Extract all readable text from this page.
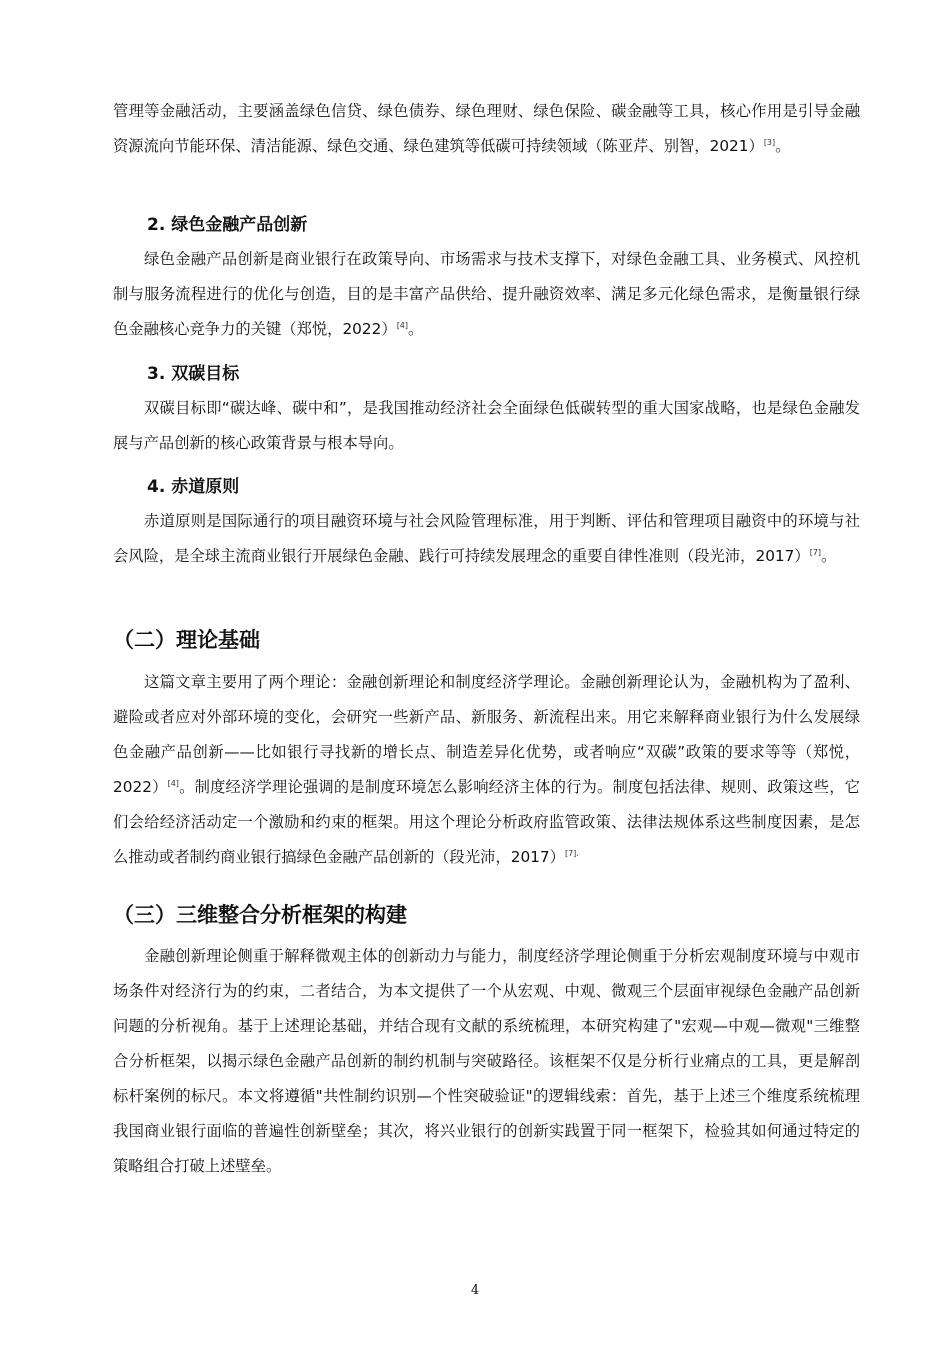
管理等金融活动，主要涵盖绿色信贷、绿色债券、绿色理财、绿色保险、碳金融等工具，核心作用是引导金融资源流向节能环保、清洁能源、绿色交通、绿色建筑等低碳可持续领域（陈亚芹、别智，2021）[3]。

2. 绿色金融产品创新

绿色金融产品创新是商业银行在政策导向、市场需求与技术支撑下，对绿色金融工具、业务模式、风控机制与服务流程进行的优化与创造，目的是丰富产品供给、提升融资效率、满足多元化绿色需求，是衡量银行绿色金融核心竞争力的关键（郑悦，2022）[4]。

3. 双碳目标

双碳目标即“碳达峰、碳中和”，是我国推动经济社会全面绿色低碳转型的重大国家战略，也是绿色金融发展与产品创新的核心政策背景与根本导向。

4. 赤道原则

赤道原则是国际通行的项目融资环境与社会风险管理标准，用于判断、评估和管理项目融资中的环境与社会风险，是全球主流商业银行开展绿色金融、践行可持续发展理念的重要自律性准则（段光沛，2017）[7]。

（二）理论基础

这篇文章主要用了两个理论：金融创新理论和制度经济学理论。金融创新理论认为，金融机构为了盈利、避险或者应对外部环境的变化，会研究一些新产品、新服务、新流程出来。用它来解释商业银行为什么发展绿色金融产品创新——比如银行寻找新的增长点、制造差异化优势，或者响应“双碳”政策的要求等等（郑悦，2022）[4]。制度经济学理论强调的是制度环境怎么影响经济主体的行为。制度包括法律、规则、政策这些，它们会给经济活动定一个激励和约束的框架。用这个理论分析政府监管政策、法律法规体系这些制度因素，是怎么推动或者制约商业银行搞绿色金融产品创新的（段光沛，2017）$^{[7].}$

（三）三维整合分析框架的构建

金融创新理论侧重于解释微观主体的创新动力与能力，制度经济学理论侧重于分析宏观制度环境与中观市场条件对经济行为的约束，二者结合，为本文提供了一个从宏观、中观、微观三个层面审视绿色金融产品创新问题的分析视角。基于上述理论基础，并结合现有文献的系统梳理，本研究构建了"宏观—中观—微观"三维整合分析框架，以揭示绿色金融产品创新的制约机制与突破路径。该框架不仅是分析行业痛点的工具，更是解剖标杆案例的标尺。本文将遵循"共性制约识别—个性突破验证"的逻辑线索：首先，基于上述三个维度系统梳理我国商业银行面临的普遍性创新壁垒；其次，将兴业银行的创新实践置于同一框架下，检验其如何通过特定的策略组合打破上述壁垒。

4
